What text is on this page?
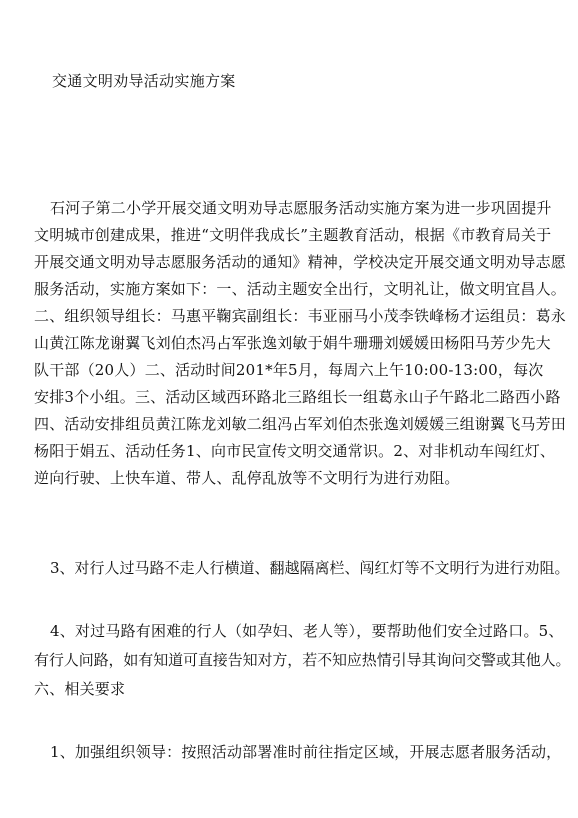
交通文明劝导活动实施方案
石河子第二小学开展交通文明劝导志愿服务活动实施方案为进一步巩固提升
文明城市创建成果，推进“文明伴我成长”主题教育活动，根据《市教育局关于
开展交通文明劝导志愿服务活动的通知》精神，学校决定开展交通文明劝导志愿
服务活动，实施方案如下：一、活动主题安全出行，文明礼让，做文明宜昌人。
二、组织领导组长：马惠平鞠宾副组长：韦亚丽马小茂李铁峰杨才运组员：葛永
山黄江陈龙谢翼飞刘伯杰冯占军张逸刘敏于娟牛珊珊刘媛媛田杨阳马芳少先大
队干部（20人）二、活动时间201*年5月，每周六上午10:00-13:00，每次
安排3个小组。三、活动区域西环路北三路组长一组葛永山子午路北二路西小路
四、活动安排组员黄江陈龙刘敏二组冯占军刘伯杰张逸刘媛媛三组谢翼飞马芳田
杨阳于娟五、活动任务1、向市民宣传文明交通常识。2、对非机动车闯红灯、
逆向行驶、上快车道、带人、乱停乱放等不文明行为进行劝阻。
3、对行人过马路不走人行横道、翻越隔离栏、闯红灯等不文明行为进行劝阻。
4、对过马路有困难的行人（如孕妇、老人等），要帮助他们安全过路口。5、
有行人问路，如有知道可直接告知对方，若不知应热情引导其询问交警或其他人。
六、相关要求
1、加强组织领导：按照活动部署准时前往指定区域，开展志愿者服务活动，
